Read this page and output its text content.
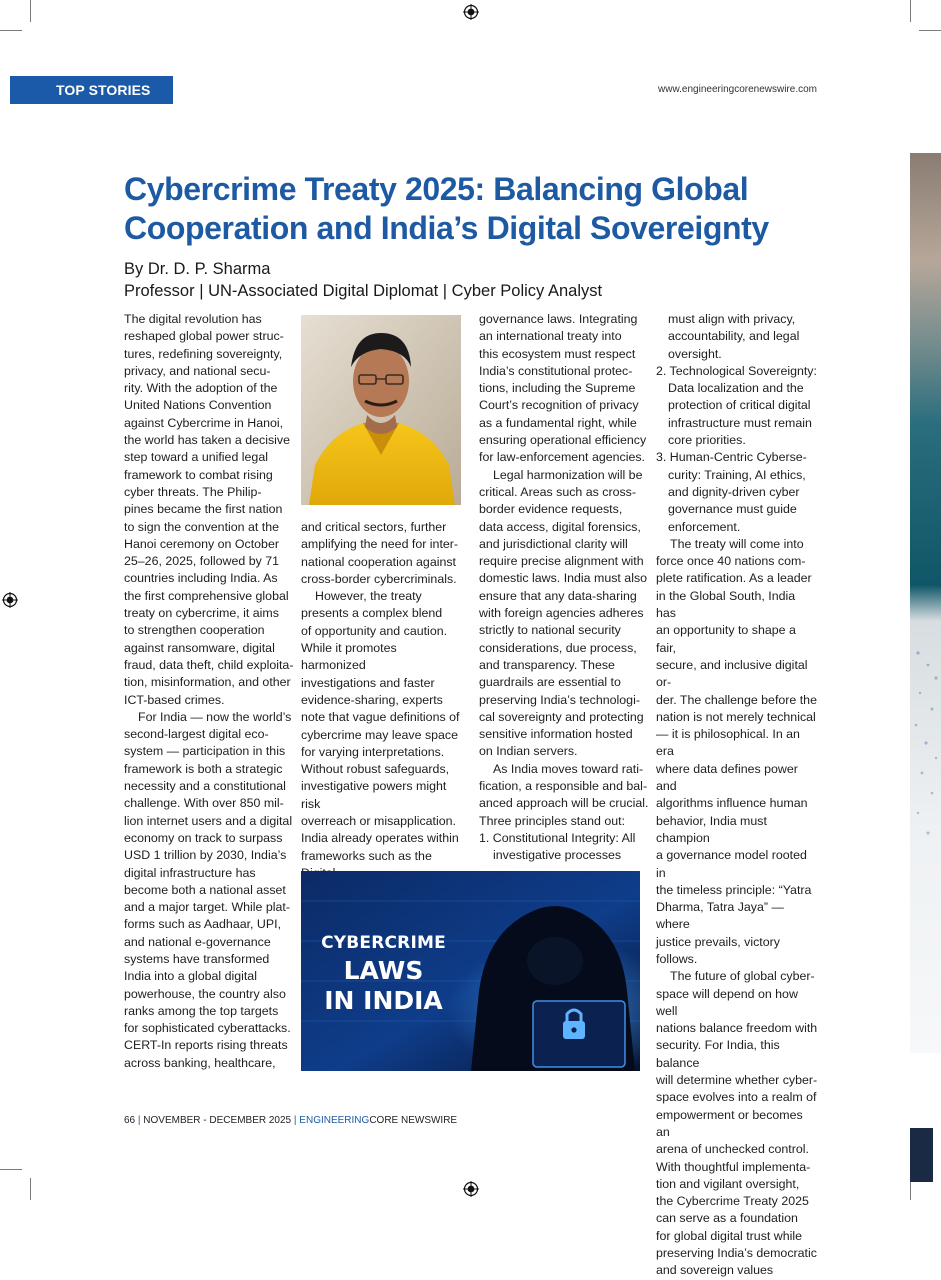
TOP STORIES	www.engineeringcorenewswire.com
Cybercrime Treaty 2025: Balancing Global
Cooperation and India’s Digital Sovereignty
By Dr. D. P. Sharma
Professor | UN-Associated Digital Diplomat | Cyber Policy Analyst
The digital revolution has
reshaped global power struc-
tures, redefining sovereignty,
privacy, and national secu-
rity. With the adoption of the
United Nations Convention
against Cybercrime in Hanoi,
the world has taken a decisive
step toward a unified legal
framework to combat rising
cyber threats. The Philip-
pines became the first nation
to sign the convention at the
Hanoi ceremony on October
25–26, 2025, followed by 71
countries including India. As
the first comprehensive global
treaty on cybercrime, it aims
to strengthen cooperation
against ransomware, digital
fraud, data theft, child exploita-
tion, misinformation, and other
ICT-based crimes.
For India — now the world’s
second-largest digital eco-
system — participation in this
framework is both a strategic
necessity and a constitutional
challenge. With over 850 mil-
lion internet users and a digital
economy on track to surpass
USD 1 trillion by 2030, India’s
digital infrastructure has
become both a national asset
and a major target. While plat-
forms such as Aadhaar, UPI,
and national e-governance
systems have transformed
India into a global digital
powerhouse, the country also
ranks among the top targets
for sophisticated cyberattacks.
CERT-In reports rising threats
across banking, healthcare,
and critical sectors, further
amplifying the need for inter-
national cooperation against
cross-border cybercriminals.
However, the treaty
presents a complex blend
of opportunity and caution.
While it promotes harmonized
investigations and faster
evidence-sharing, experts
note that vague definitions of
cybercrime may leave space
for varying interpretations.
Without robust safeguards,
investigative powers might risk
overreach or misapplication.
India already operates within
frameworks such as the
governance laws. Integrating
an international treaty into
this ecosystem must respect
India’s constitutional protec-
tions, including the Supreme
Court’s recognition of privacy
as a fundamental right, while
ensuring operational efficiency
for law-enforcement agencies.
Legal harmonization will be
critical. Areas such as cross-
border evidence requests,
data access, digital forensics,
and jurisdictional clarity will
require precise alignment with
domestic laws. India must also
ensure that any data-sharing
with foreign agencies adheres
strictly to national security
considerations, due process,
and transparency. These
guardrails are essential to
preserving India’s technologi-
cal sovereignty and protecting
sensitive information hosted
on Indian servers.
As India moves toward rati-
fication, a responsible and bal-
anced approach will be crucial.
Three principles stand out:
1. Constitutional Integrity: All
investigative processes
CYBERCRIME
LAWS
IN INDIA
must align with privacy,
accountability, and legal
oversight.
2. Technological Sovereignty:
Data localization and the
protection of critical digital
infrastructure must remain
core priorities.
3. Human-Centric Cyberse-
curity: Training, AI ethics,
and dignity-driven cyber
governance must guide
enforcement.
The treaty will come into
force once 40 nations com-
plete ratification. As a leader
in the Global South, India has
an opportunity to shape a fair,
secure, and inclusive digital or-
der. The challenge before the
nation is not merely technical
— it is philosophical. In an era
where data defines power and
algorithms influence human
behavior, India must champion
a governance model rooted in
the timeless principle: “Yatra
Dharma, Tatra Jaya” — where
justice prevails, victory follows.
The future of global cyber-
space will depend on how well
nations balance freedom with
security. For India, this balance
will determine whether cyber-
space evolves into a realm of
empowerment or becomes an
arena of unchecked control.
With thoughtful implementa-
tion and vigilant oversight,
the Cybercrime Treaty 2025
can serve as a foundation
for global digital trust while
preserving India’s democratic
and sovereign values
66 | NOVEMBER - DECEMBER 2025 | ENGINEERINGCORE NEWSWIRE
